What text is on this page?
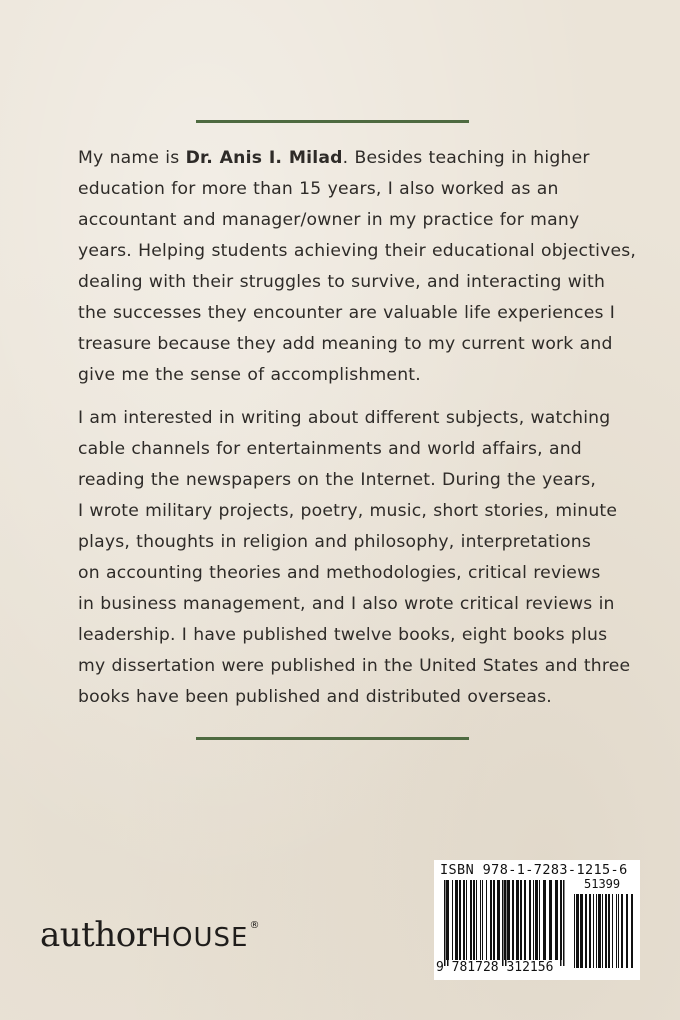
My name is Dr. Anis I. Milad. Besides teaching in higher

education for more than 15 years, I also worked as an

accountant and manager/owner in my practice for many

years. Helping students achieving their educational objectives,

dealing with their struggles to survive, and interacting with

the successes they encounter are valuable life experiences I

treasure because they add meaning to my current work and

give me the sense of accomplishment.

I am interested in writing about different subjects, watching

cable channels for entertainments and world affairs, and

reading the newspapers on the Internet. During the years,

I wrote military projects, poetry, music, short stories, minute

plays, thoughts in religion and philosophy, interpretations

on accounting theories and methodologies, critical reviews

in business management, and I also wrote critical reviews in

leadership. I have published twelve books, eight books plus

my dissertation were published in the United States and three

books have been published and distributed overseas.

authorHOUSE®
ISBN 978-1-7283-1215-6
51399
9 781728 312156
